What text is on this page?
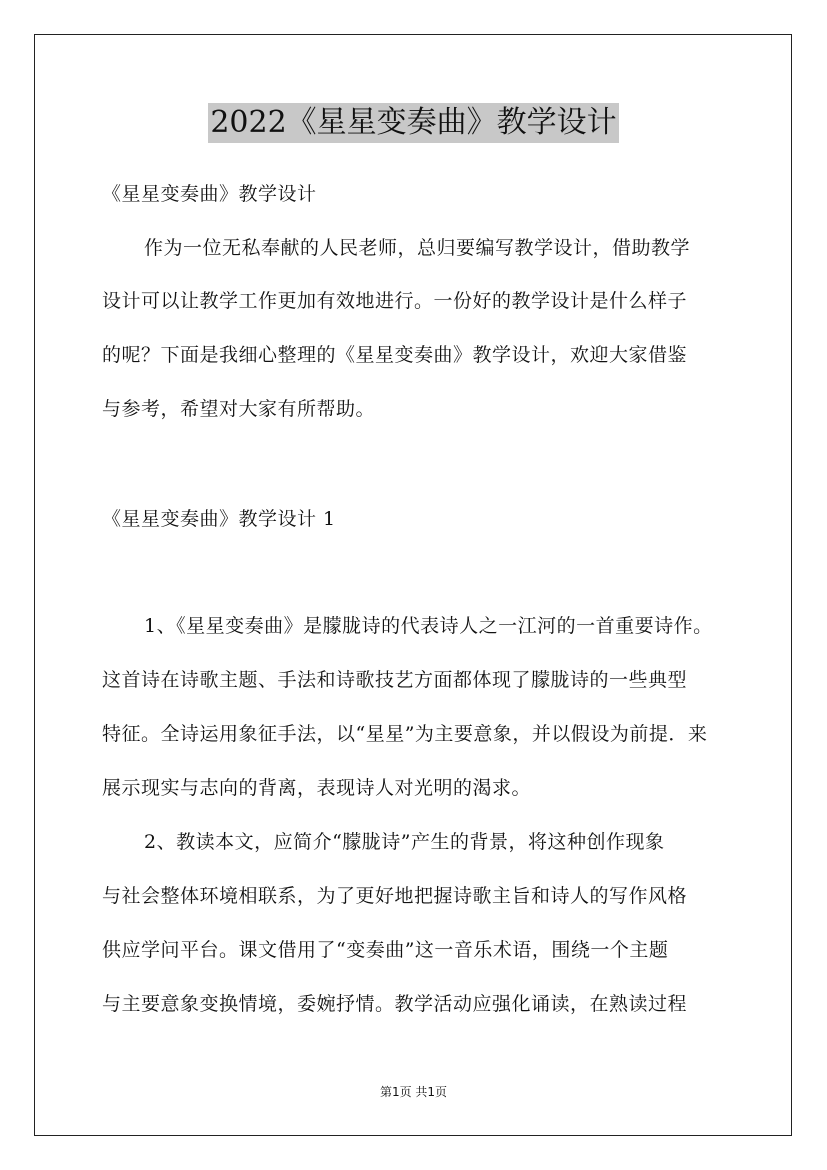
2022《星星变奏曲》教学设计
《星星变奏曲》教学设计
作为一位无私奉献的人民老师，总归要编写教学设计，借助教学
设计可以让教学工作更加有效地进行。一份好的教学设计是什么样子
的呢？下面是我细心整理的《星星变奏曲》教学设计，欢迎大家借鉴
与参考，希望对大家有所帮助。
《星星变奏曲》教学设计 1
1、《星星变奏曲》是朦胧诗的代表诗人之一江河的一首重要诗作。
这首诗在诗歌主题、手法和诗歌技艺方面都体现了朦胧诗的一些典型
特征。全诗运用象征手法，以“星星”为主要意象，并以假设为前提．来
展示现实与志向的背离，表现诗人对光明的渴求。
2、教读本文，应简介“朦胧诗”产生的背景，将这种创作现象
与社会整体环境相联系，为了更好地把握诗歌主旨和诗人的写作风格
供应学问平台。课文借用了“变奏曲”这一音乐术语，围绕一个主题
与主要意象变换情境，委婉抒情。教学活动应强化诵读，在熟读过程
第1页 共1页
